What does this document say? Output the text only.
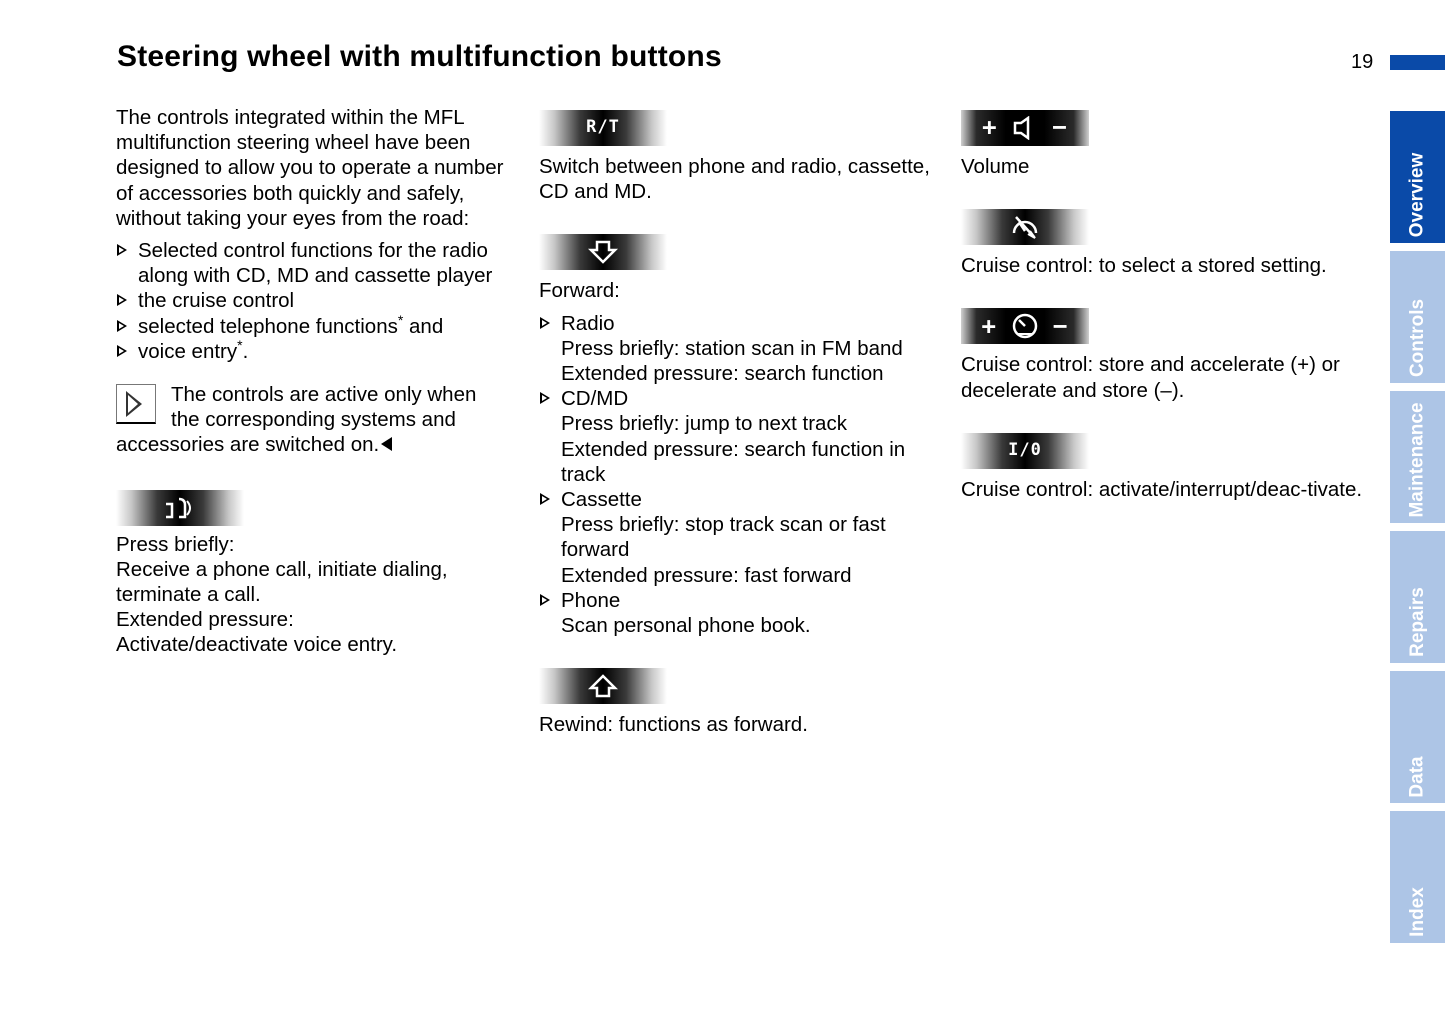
Steering wheel with multifunction buttons	19

The controls integrated within the MFL multifunction steering wheel have been designed to allow you to operate a number of accessories both quickly and safely, without taking your eyes from the road:

Selected control functions for the radio along with CD, MD and cassette player
the cruise control
selected telephone functions* and
voice entry*.

The controls are active only when

the corresponding systems and

accessories are switched on.

Press briefly:

Receive a phone call, initiate dialing,

terminate a call.

Extended pressure:

Activate/deactivate voice entry.

R/T

Switch between phone and radio, cassette, CD and MD.

Forward:

Radio

Press briefly: station scan in FM band

Extended pressure: search function

CD/MD

Press briefly: jump to next track

Extended pressure: search function in track

Cassette

Press briefly: stop track scan or fast forward

Extended pressure: fast forward

Phone

Scan personal phone book.

Rewind: functions as forward.

+ −

Volume

Cruise control: to select a stored setting.

+ −

Cruise control: store and accelerate (+) or decelerate and store (–).

I/0

Cruise control: activate/interrupt/deac-tivate.

Overview
Controls
Maintenance
Repairs
Data
Index
